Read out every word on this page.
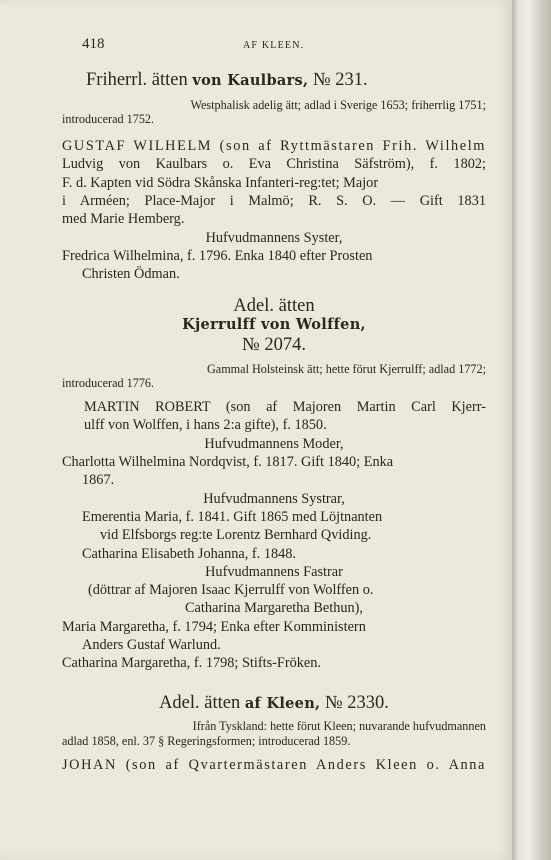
418	AF KLEEN.
Friherrl. ätten von Kaulbars, № 231.
Westphalisk adelig ätt; adlad i Sverige 1653; friherrlig 1751;
introducerad 1752.
GUSTAF WILHELM (son af Ryttmästaren Frih. Wilhelm
Ludvig von Kaulbars o. Eva Christina Säfström), f. 1802;
F. d. Kapten vid Södra Skånska Infanteri-reg:tet; Major
i Arméen; Place-Major i Malmö; R. S. O. — Gift 1831
med Marie Hemberg.
Hufvudmannens Syster,
Fredrica Wilhelmina, f. 1796. Enka 1840 efter Prosten
Christen Ödman.
Adel. ätten
Kjerrulff von Wolffen,
№ 2074.
Gammal Holsteinsk ätt; hette förut Kjerrulff; adlad 1772;
introducerad 1776.
MARTIN ROBERT (son af Majoren Martin Carl Kjerr-
ulff von Wolffen, i hans 2:a gifte), f. 1850.
Hufvudmannens Moder,
Charlotta Wilhelmina Nordqvist, f. 1817. Gift 1840; Enka
1867.
Hufvudmannens Systrar,
Emerentia Maria, f. 1841. Gift 1865 med Löjtnanten
vid Elfsborgs reg:te Lorentz Bernhard Qviding.
Catharina Elisabeth Johanna, f. 1848.
Hufvudmannens Fastrar
(döttrar af Majoren Isaac Kjerrulff von Wolffen o.
Catharina Margaretha Bethun),
Maria Margaretha, f. 1794; Enka efter Komministern
Anders Gustaf Warlund.
Catharina Margaretha, f. 1798; Stifts-Fröken.
Adel. ätten af Kleen, № 2330.
Ifrån Tyskland: hette förut Kleen; nuvarande hufvudmannen
adlad 1858, enl. 37 § Regeringsformen; introducerad 1859.
JOHAN (son af Qvartermästaren Anders Kleen o. Anna
